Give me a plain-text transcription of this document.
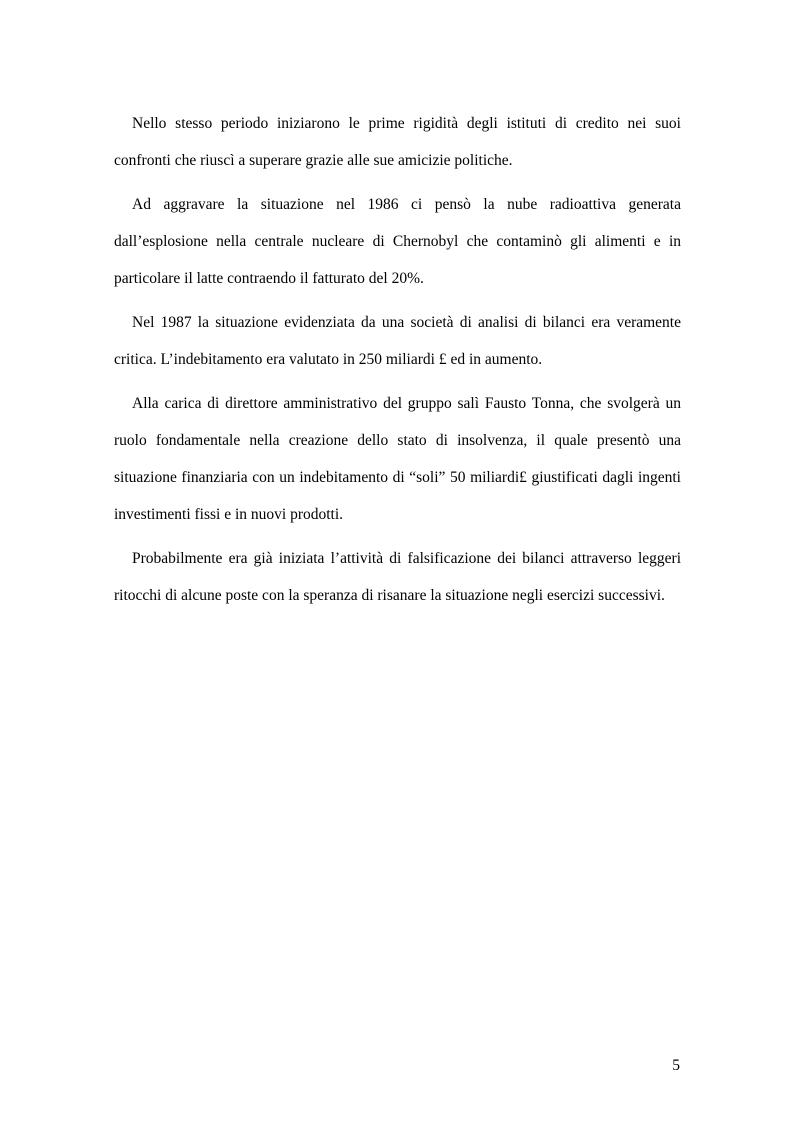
Nello stesso periodo iniziarono le prime rigidità degli istituti di credito nei suoi confronti che riuscì a superare grazie alle sue amicizie politiche.

Ad aggravare la situazione nel 1986 ci pensò la nube radioattiva generata dall’esplosione nella centrale nucleare di Chernobyl che contaminò gli alimenti e in particolare il latte contraendo il fatturato del 20%.

Nel 1987 la situazione evidenziata da una società di analisi di bilanci era veramente critica. L’indebitamento era valutato in 250 miliardi £ ed in aumento.

Alla carica di direttore amministrativo del gruppo salì Fausto Tonna, che svolgerà un ruolo fondamentale nella creazione dello stato di insolvenza, il quale presentò una situazione finanziaria con un indebitamento di “soli” 50 miliardi£ giustificati dagli ingenti investimenti fissi e in nuovi prodotti.

Probabilmente era già iniziata l’attività di falsificazione dei bilanci attraverso leggeri ritocchi di alcune poste con la speranza di risanare la situazione negli esercizi successivi.

5
